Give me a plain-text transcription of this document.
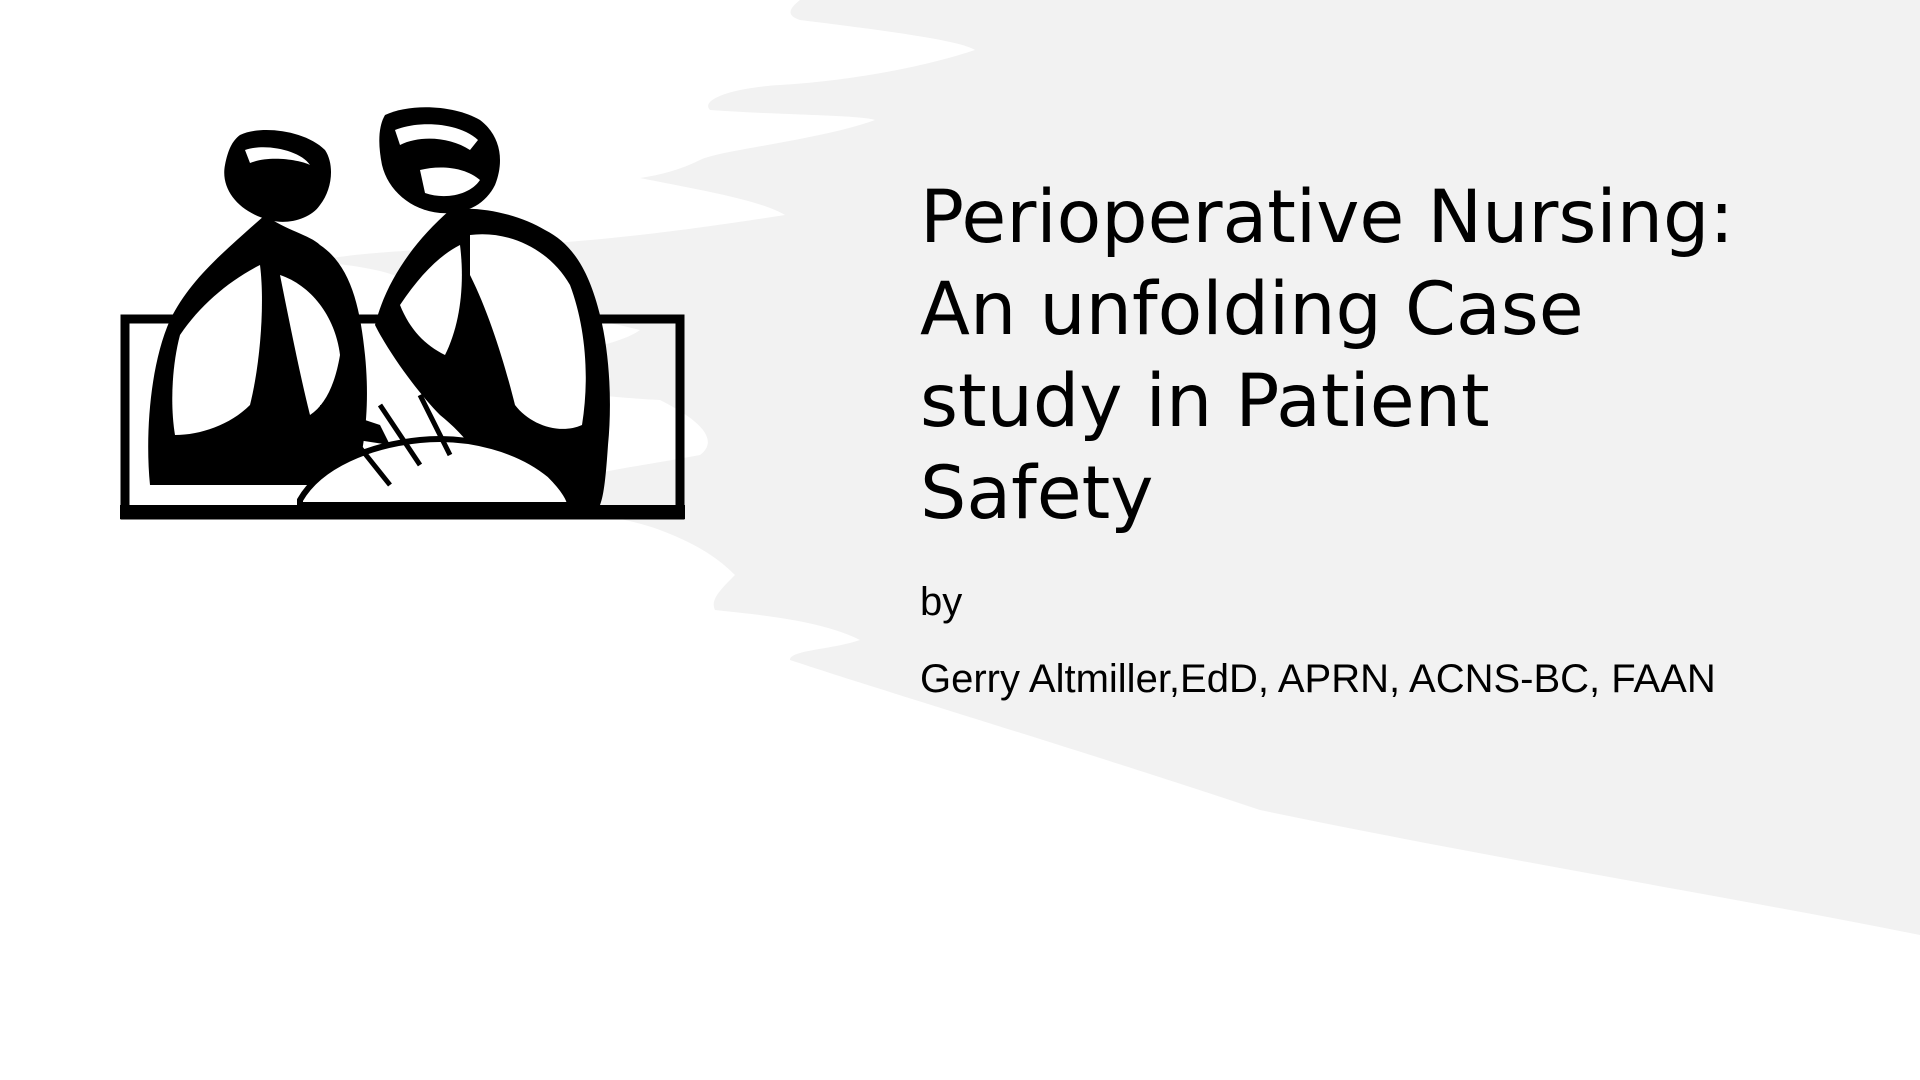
Perioperative Nursing:
An unfolding Case
study in Patient
Safety

by

Gerry Altmiller,EdD, APRN, ACNS-BC, FAAN
